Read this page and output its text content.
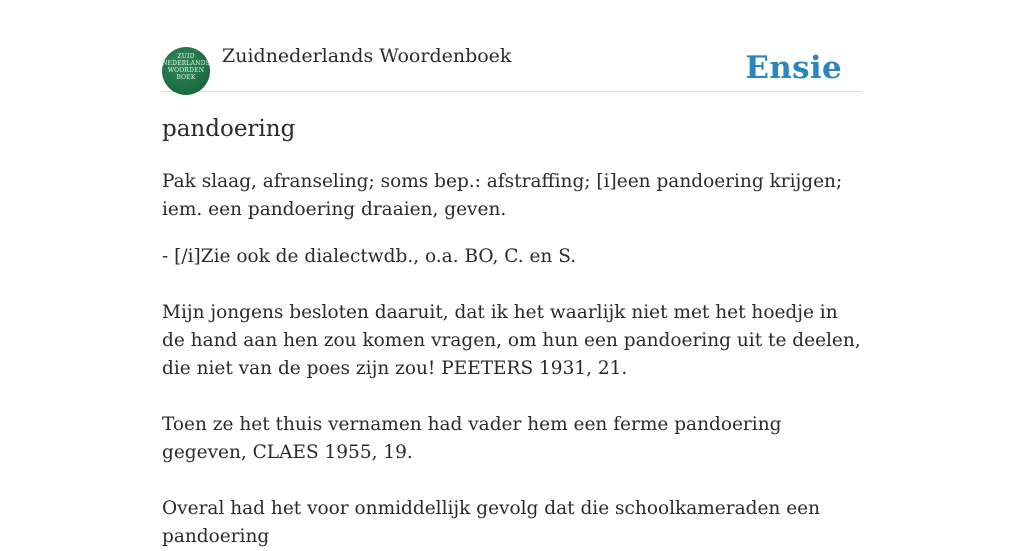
ZUID NEDERLANDS WOORDEN BOEK
Zuidnederlands Woordenboek	Ensie
pandoering

Pak slaag, afranseling; soms bep.: afstraffing; [i]een pandoering krijgen; iem. een pandoering draaien, geven.

- [/i]Zie ook de dialectwdb., o.a. BO, C. en S.

Mijn jongens besloten daaruit, dat ik het waarlijk niet met het hoedje in de hand aan hen zou komen vragen, om hun een pandoering uit te deelen, die niet van de poes zijn zou! PEETERS 1931, 21.

Toen ze het thuis vernamen had vader hem een ferme pandoering gegeven, CLAES 1955, 19.

Overal had het voor onmiddellijk gevolg dat die schoolkameraden een pandoering
